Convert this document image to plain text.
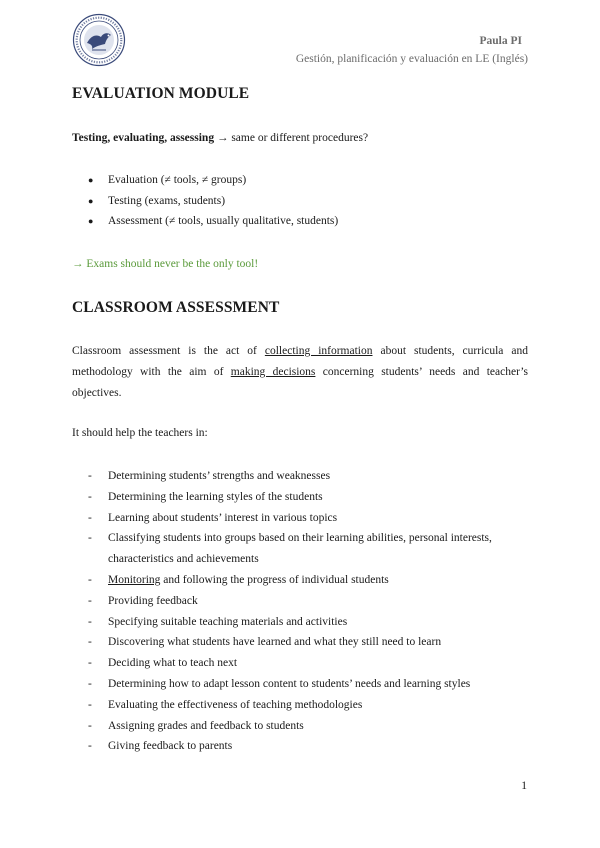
Paula PI
Gestión, planificación y evaluación en LE (Inglés)
EVALUATION MODULE

Testing, evaluating, assessing → same or different procedures?

● Evaluation (≠ tools, ≠ groups)
● Testing (exams, students)
● Assessment (≠ tools, usually qualitative, students)

→ Exams should never be the only tool!

CLASSROOM ASSESSMENT

Classroom assessment is the act of collecting information about students, curricula and methodology with the aim of making decisions concerning students’ needs and teacher’s objectives.

It should help the teachers in:

- Determining students’ strengths and weaknesses
- Determining the learning styles of the students
- Learning about students’ interest in various topics
- Classifying students into groups based on their learning abilities, personal interests, characteristics and achievements
- Monitoring and following the progress of individual students
- Providing feedback
- Specifying suitable teaching materials and activities
- Discovering what students have learned and what they still need to learn
- Deciding what to teach next
- Determining how to adapt lesson content to students’ needs and learning styles
- Evaluating the effectiveness of teaching methodologies
- Assigning grades and feedback to students
- Giving feedback to parents
1
